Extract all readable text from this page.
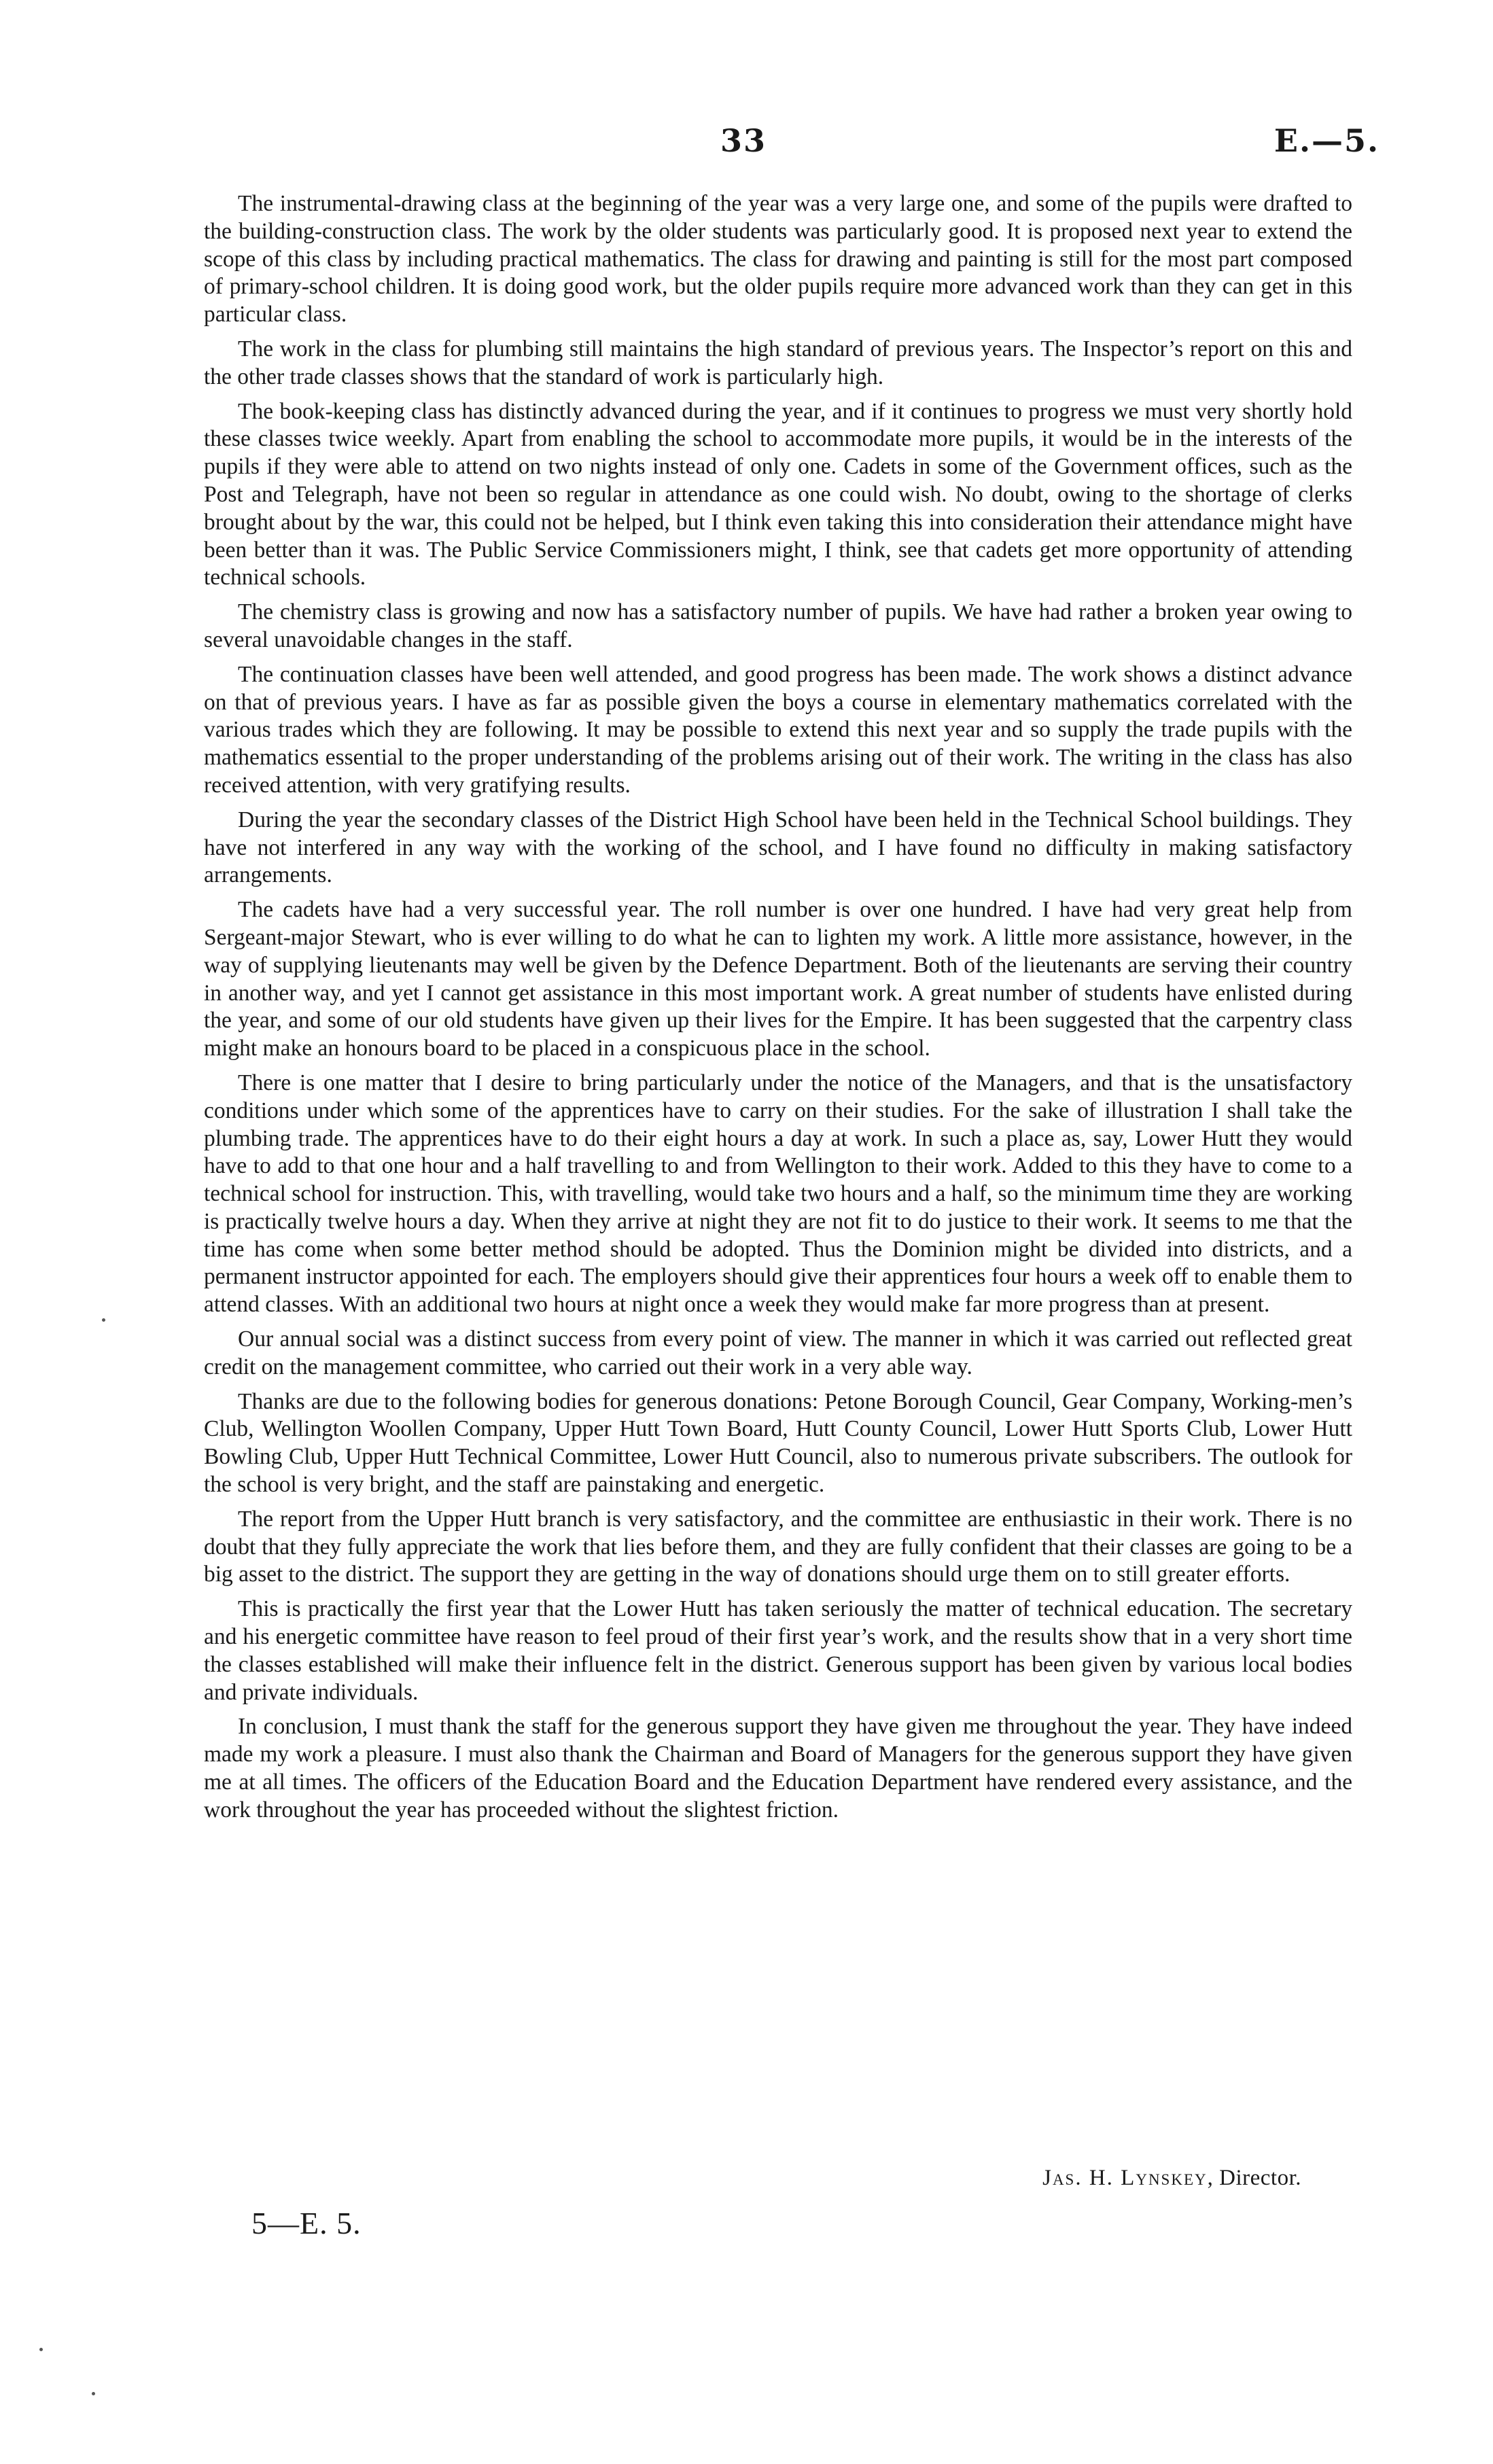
33	E.—5.

The instrumental-drawing class at the beginning of the year was a very large one, and some of the pupils were drafted to the building-construction class. The work by the older students was particularly good. It is proposed next year to extend the scope of this class by including practical mathematics. The class for drawing and painting is still for the most part composed of primary-school children. It is doing good work, but the older pupils require more advanced work than they can get in this particular class.

The work in the class for plumbing still maintains the high standard of previous years. The Inspector’s report on this and the other trade classes shows that the standard of work is particularly high.

The book-keeping class has distinctly advanced during the year, and if it continues to progress we must very shortly hold these classes twice weekly. Apart from enabling the school to accommodate more pupils, it would be in the interests of the pupils if they were able to attend on two nights instead of only one. Cadets in some of the Government offices, such as the Post and Telegraph, have not been so regular in attendance as one could wish. No doubt, owing to the shortage of clerks brought about by the war, this could not be helped, but I think even taking this into consideration their attendance might have been better than it was. The Public Service Commissioners might, I think, see that cadets get more opportunity of attending technical schools.

The chemistry class is growing and now has a satisfactory number of pupils. We have had rather a broken year owing to several unavoidable changes in the staff.

The continuation classes have been well attended, and good progress has been made. The work shows a distinct advance on that of previous years. I have as far as possible given the boys a course in elementary mathematics correlated with the various trades which they are following. It may be possible to extend this next year and so supply the trade pupils with the mathematics essential to the proper understanding of the problems arising out of their work. The writing in the class has also received attention, with very gratifying results.

During the year the secondary classes of the District High School have been held in the Technical School buildings. They have not interfered in any way with the working of the school, and I have found no difficulty in making satisfactory arrangements.

The cadets have had a very successful year. The roll number is over one hundred. I have had very great help from Sergeant-major Stewart, who is ever willing to do what he can to lighten my work. A little more assistance, however, in the way of supplying lieutenants may well be given by the Defence Department. Both of the lieutenants are serving their country in another way, and yet I cannot get assistance in this most important work. A great number of students have enlisted during the year, and some of our old students have given up their lives for the Empire. It has been suggested that the carpentry class might make an honours board to be placed in a conspicuous place in the school.

There is one matter that I desire to bring particularly under the notice of the Managers, and that is the unsatisfactory conditions under which some of the apprentices have to carry on their studies. For the sake of illustration I shall take the plumbing trade. The apprentices have to do their eight hours a day at work. In such a place as, say, Lower Hutt they would have to add to that one hour and a half travelling to and from Wellington to their work. Added to this they have to come to a technical school for instruction. This, with travelling, would take two hours and a half, so the minimum time they are working is practically twelve hours a day. When they arrive at night they are not fit to do justice to their work. It seems to me that the time has come when some better method should be adopted. Thus the Dominion might be divided into districts, and a permanent instructor appointed for each. The employers should give their apprentices four hours a week off to enable them to attend classes. With an additional two hours at night once a week they would make far more progress than at present.

Our annual social was a distinct success from every point of view. The manner in which it was carried out reflected great credit on the management committee, who carried out their work in a very able way.

Thanks are due to the following bodies for generous donations: Petone Borough Council, Gear Company, Working-men’s Club, Wellington Woollen Company, Upper Hutt Town Board, Hutt County Council, Lower Hutt Sports Club, Lower Hutt Bowling Club, Upper Hutt Technical Committee, Lower Hutt Council, also to numerous private subscribers. The outlook for the school is very bright, and the staff are painstaking and energetic.

The report from the Upper Hutt branch is very satisfactory, and the committee are enthusiastic in their work. There is no doubt that they fully appreciate the work that lies before them, and they are fully confident that their classes are going to be a big asset to the district. The support they are getting in the way of donations should urge them on to still greater efforts.

This is practically the first year that the Lower Hutt has taken seriously the matter of technical education. The secretary and his energetic committee have reason to feel proud of their first year’s work, and the results show that in a very short time the classes established will make their influence felt in the district. Generous support has been given by various local bodies and private individuals.

In conclusion, I must thank the staff for the generous support they have given me throughout the year. They have indeed made my work a pleasure. I must also thank the Chairman and Board of Managers for the generous support they have given me at all times. The officers of the Education Board and the Education Department have rendered every assistance, and the work throughout the year has proceeded without the slightest friction.

Jas. H. Lynskey, Director.
5—E. 5.
